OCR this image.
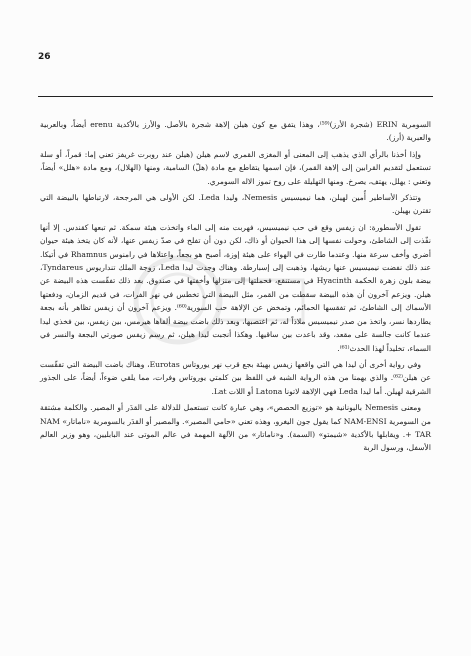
26

السومرية ERIN (شجرة الأرز)⁽⁵⁹⁾، وهذا يتفق مع كون هيلن إلاهة شجرة بالأصل. والأرز بالأكدية erenu أيضاً، وبالعربية والعبرية (أرز).

وإذا أخذنا بالرأي الذي يذهب إلى المعنى أو المغزى القمري لاسم هيلن (هيلن عند روبرت غريفز تعني إما: قمراً، أو سلة تستعمل لتقديم القرابين إلى إلاهة القمر)، فإن اسمها يتقاطع مع مادة (هلّ) السامية، ومنها (الهلال)، ومع مادة «هلل» أيضاً، وتعني : يهلل، يهتف، يصرخ. ومنها التهليلة على روح تموز الاله السومري.

وتتذكر الأساطير أُمين لهيلن، هما نيميسيس Nemesis، وليدا Leda. لكن الأولى هي المرجحة، لارتباطها بالبيضة التي تقترن بهيلن.

تقول الأسطورة: ان زيفس وقع في حب نيميسيس، فهربت منه إلى الماء واتخذت هيئة سمكة. ثم تبعها كقندس. إلا أنها نفّذت إلى الشاطئ، وحولت نفسها إلى هذا الحيوان أو ذاك، لكن دون أن تفلح في صدّ زيفس عنها، لأنه كان يتخذ هيئة حيوان أضري وأخف سرعة منها. وعندما طارت في الهواء على هيئة إوزة، أصبح هو بجعاً، واعتلاها في رامنوس Rhamnus في أتيكا. عند ذلك نفضت نيميسيس عنها ريشها، وذهبت إلى إسبارطة. وهناك وجدت ليدا Leda، زوجة الملك تنداريوس Tyndareus، بيضة بلون زهرة الحكمة Hyacinth في مستنقع، فحملتها إلى منزلها وأخفتها في صندوق. بعد ذلك تفقّست هذه البيضة عن هيلن. ويزعم آخرون أن هذه البيضة سقطت من القمر، مثل البيضة التي تخطس في نهر الفرات، في قديم الزمان، ودفعتها الأسماك إلى الشاطئ، ثم تفقسها الحمائم، وتمخض عن الإلاهة حب السورية⁽⁶⁰⁾. ويزعم آخرون أن زيفس تظاهر بأنه بجعة يطاردها نسر، واتخذ من صدر نيميسيس ملاذاً له، ثم اغتصبها، وبعد ذلك باضت بيضة ألقاها هيرمس، بين زيفس، بين فخذي ليدا عندما كانت جالسة على مقعد، وقد باعدت بين ساقيها. وهكذا أنجبت ليدا هيلن، ثم رسم زيفس صورتي البجعة والنسر في السماء، تخليداً لهذا الحدث⁽⁶¹⁾.

وفي رواية أخرى أن ليدا هي التي واقعها زيفس بهيئة بجع قرب نهر يوروتاس Eurotas، وهناك باضت البيضة التي تفقّست عن هيلن⁽⁶²⁾. والذي يهمنا من هذه الرواية الشبه في اللفظ بين كلمتي يوروتاس وفرات، مما يلقي ضوءاً، أيضاً، على الجذور الشرقية لهيلن. أما ليدا Leda فهي الإلاهة لاتونا Latona أو اللات Lat.

ومعنى Nemesis باليونانية هو «توزيع الحصص»، وهي عبارة كانت تستعمل للدلالة على القدَر أو المصير. والكلمة مشتقة من السومرية NAM-ENSI كما يقول جون اليغرو، وهذه تعني «حامي المصير». والمصير أو القدَر بالسومرية «ناماتار» NAM + TAR. ويقابلها بالأكدية «شيمتو» (السمة). و«ناماتار» من الآلهة المهمة في عالم الموتى عند البابليين، وهو وزير العالم الأسفل، ورسول الربة
